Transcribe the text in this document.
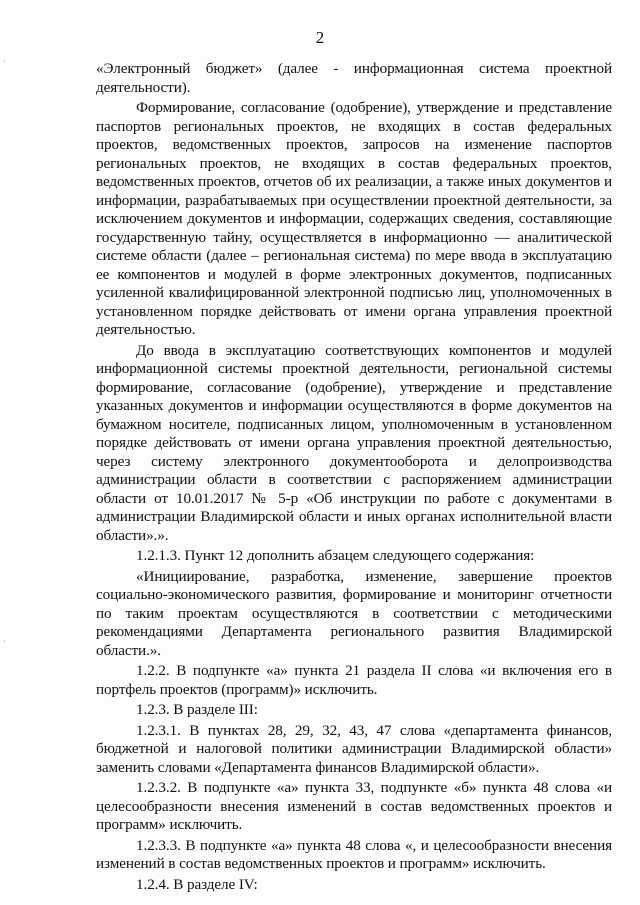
2

«Электронный бюджет» (далее - информационная система проектной деятельности).

Формирование, согласование (одобрение), утверждение и представление паспортов региональных проектов, не входящих в состав федеральных проектов, ведомственных проектов, запросов на изменение паспортов региональных проектов, не входящих в состав федеральных проектов, ведомственных проектов, отчетов об их реализации, а также иных документов и информации, разрабатываемых при осуществлении проектной деятельности, за исключением документов и информации, содержащих сведения, составляющие государственную тайну, осуществляется в информационно — аналитической системе области (далее – региональная система) по мере ввода в эксплуатацию ее компонентов и модулей в форме электронных документов, подписанных усиленной квалифицированной электронной подписью лиц, уполномоченных в установленном порядке действовать от имени органа управления проектной деятельностью.

До ввода в эксплуатацию соответствующих компонентов и модулей информационной системы проектной деятельности, региональной системы формирование, согласование (одобрение), утверждение и представление указанных документов и информации осуществляются в форме документов на бумажном носителе, подписанных лицом, уполномоченным в установленном порядке действовать от имени органа управления проектной деятельностью, через систему электронного документооборота и делопроизводства администрации области в соответствии с распоряжением администрации области от 10.01.2017 № 5-р «Об инструкции по работе с документами в администрации Владимирской области и иных органах исполнительной власти области».».

1.2.1.3. Пункт 12 дополнить абзацем следующего содержания:

«Инициирование, разработка, изменение, завершение проектов социально-экономического развития, формирование и мониторинг отчетности по таким проектам осуществляются в соответствии с методическими рекомендациями Департамента регионального развития Владимирской области.».

1.2.2. В подпункте «а» пункта 21 раздела II слова «и включения его в портфель проектов (программ)» исключить.

1.2.3. В разделе III:

1.2.3.1. В пунктах 28, 29, 32, 43, 47 слова «департамента финансов, бюджетной и налоговой политики администрации Владимирской области» заменить словами «Департамента финансов Владимирской области».

1.2.3.2. В подпункте «а» пункта 33, подпункте «б» пункта 48 слова «и целесообразности внесения изменений в состав ведомственных проектов и программ» исключить.

1.2.3.3. В подпункте «а» пункта 48 слова «, и целесообразности внесения изменений в состав ведомственных проектов и программ» исключить.

1.2.4. В разделе IV:
